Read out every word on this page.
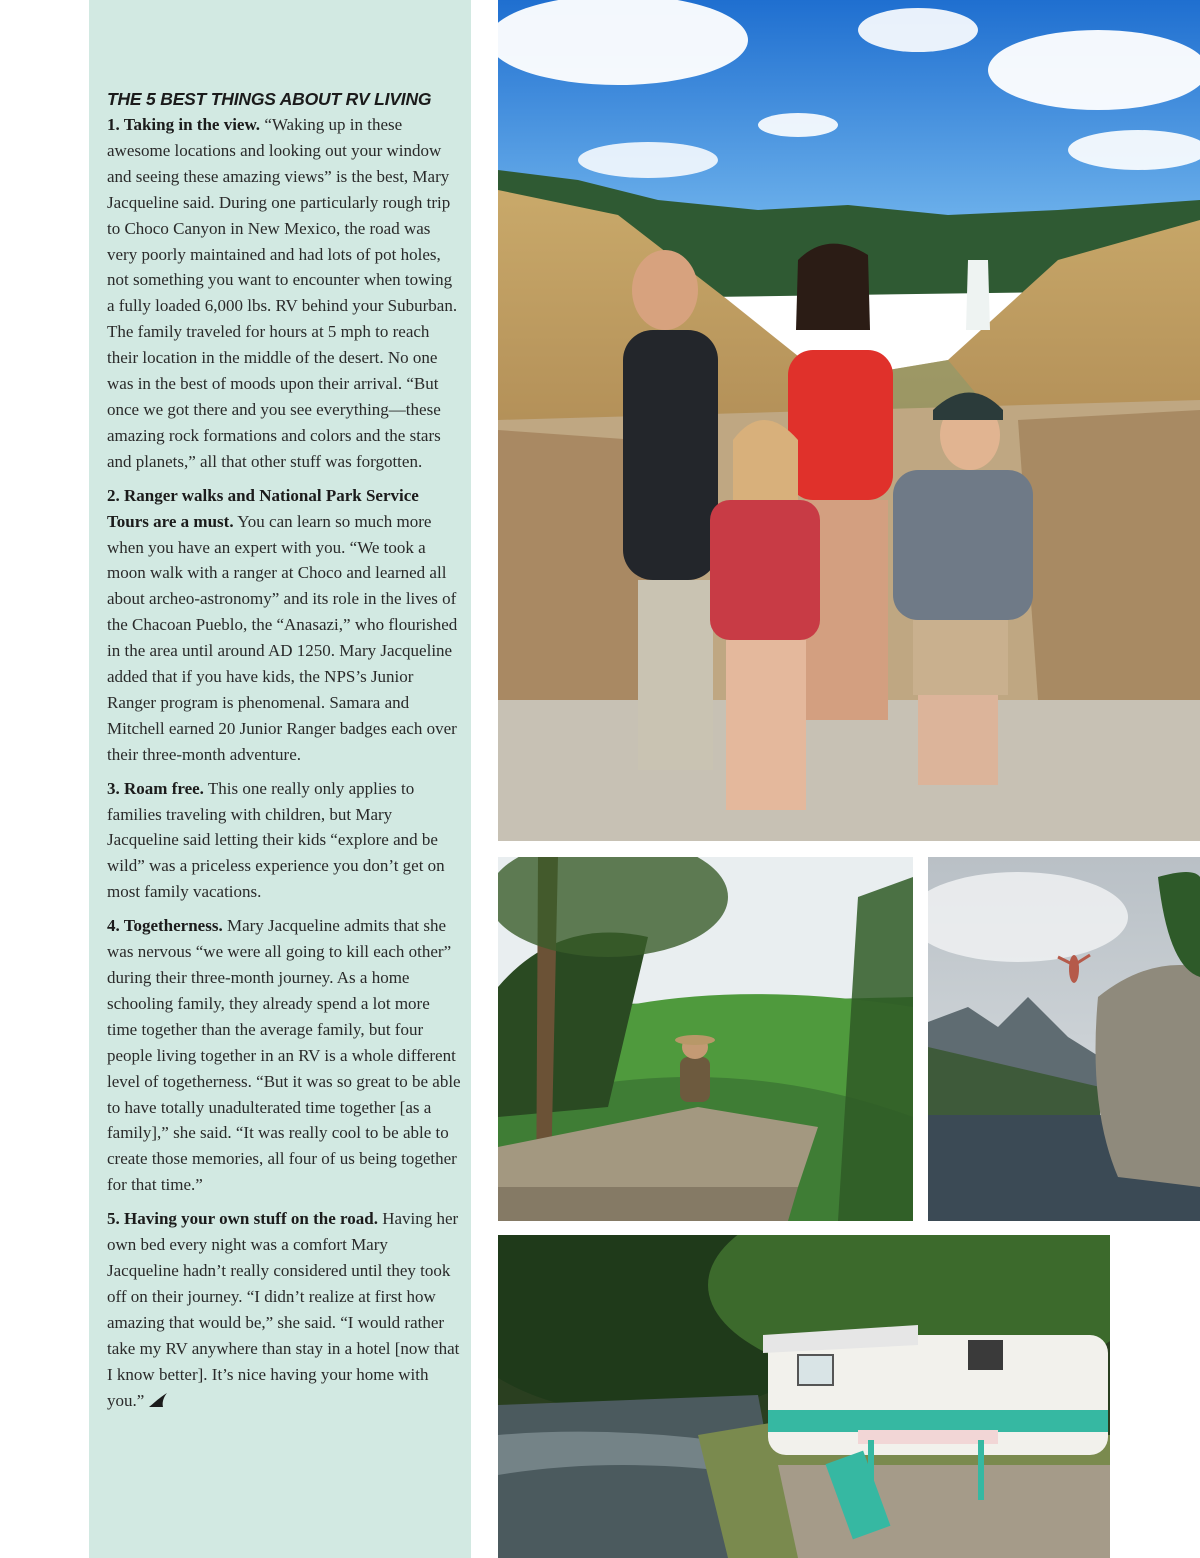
THE 5 BEST THINGS ABOUT RV LIVING

1. Taking in the view. “Waking up in these awesome locations and looking out your window and seeing these amazing views” is the best, Mary Jacqueline said. During one particularly rough trip to Choco Canyon in New Mexico, the road was very poorly maintained and had lots of pot holes, not something you want to encounter when towing a fully loaded 6,000 lbs. RV behind your Suburban. The family traveled for hours at 5 mph to reach their location in the middle of the desert. No one was in the best of moods upon their arrival. “But once we got there and you see everything—these amazing rock formations and colors and the stars and planets,” all that other stuff was forgotten.

2. Ranger walks and National Park Service Tours are a must. You can learn so much more when you have an expert with you. “We took a moon walk with a ranger at Choco and learned all about archeo-astronomy” and its role in the lives of the Chacoan Pueblo, the “Anasazi,” who flourished in the area until around AD 1250. Mary Jacqueline added that if you have kids, the NPS’s Junior Ranger program is phenomenal. Samara and Mitchell earned 20 Junior Ranger badges each over their three-month adventure.

3. Roam free. This one really only applies to families traveling with children, but Mary Jacqueline said letting their kids “explore and be wild” was a priceless experience you don’t get on most family vacations.

4. Togetherness. Mary Jacqueline admits that she was nervous “we were all going to kill each other” during their three-month journey. As a home schooling family, they already spend a lot more time together than the average family, but four people living together in an RV is a whole different level of togetherness. “But it was so great to be able to have totally unadulterated time together [as a family],” she said. “It was really cool to be able to create those memories, all four of us being together for that time.”

5. Having your own stuff on the road. Having her own bed every night was a comfort Mary Jacqueline hadn’t really considered until they took off on their journey. “I didn’t realize at first how amazing that would be,” she said. “I would rather take my RV anywhere than stay in a hotel [now that I know better]. It’s nice having your home with you.”
